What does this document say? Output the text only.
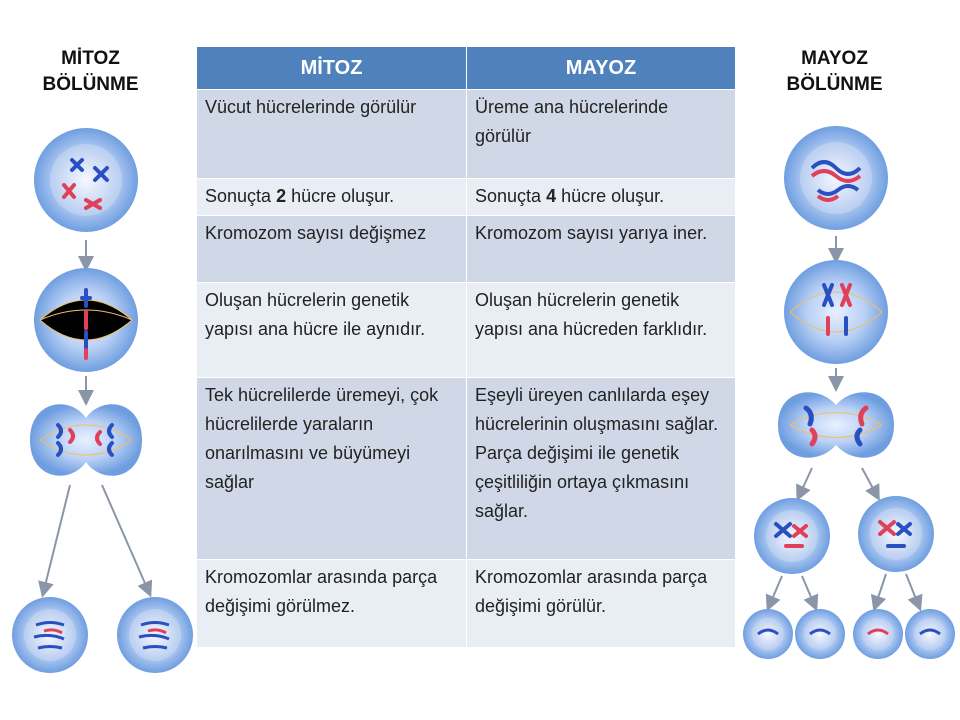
MİTOZ
BÖLÜNME
MAYOZ
BÖLÜNME
MİTOZ	MAYOZ
Vücut hücrelerinde görülür	Üreme ana hücrelerinde görülür
Sonuçta 2 hücre oluşur.	Sonuçta 4 hücre oluşur.
Kromozom sayısı değişmez	Kromozom sayısı yarıya iner.
Oluşan hücrelerin genetik yapısı ana hücre ile aynıdır.	Oluşan hücrelerin genetik yapısı ana hücreden farklıdır.
Tek hücrelilerde üremeyi, çok hücrelilerde yaraların onarılmasını ve büyümeyi sağlar	Eşeyli üreyen canlılarda eşey hücrelerinin oluşmasını sağlar. Parça değişimi ile genetik çeşitliliğin ortaya çıkmasını sağlar.
Kromozomlar arasında parça değişimi görülmez.	Kromozomlar arasında parça değişimi görülür.
